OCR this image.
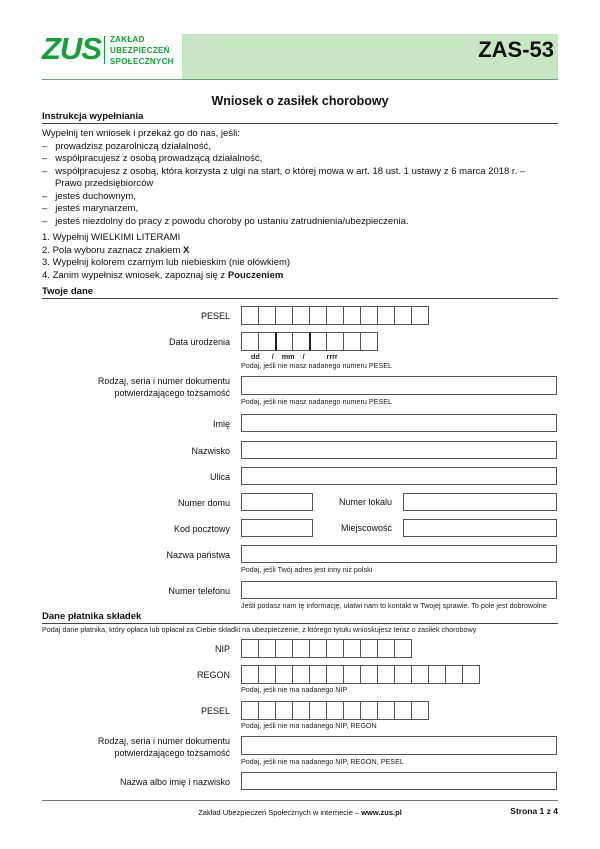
ZUS ZAKŁAD
UBEZPIECZEŃ
SPOŁECZNYCH	ZAS-53
Wniosek o zasiłek chorobowy
Instrukcja wypełniania
Wypełnij ten wniosek i przekaż go do nas, jeśli:
–   prowadzisz pozarolniczą działalność,
–   współpracujesz z osobą prowadzącą działalność,
–   współpracujesz z osobą, która korzysta z ulgi na start, o której mowa w art. 18 ust. 1 ustawy z 6 marca 2018 r. –
Prawo przedsiębiorców
–   jesteś duchownym,
–   jesteś marynarzem,
–   jesteś niezdolny do pracy z powodu choroby po ustaniu zatrudnienia/ubezpieczenia.
1. Wypełnij WIELKIMI LITERAMI
2. Pola wyboru zaznacz znakiem X
3. Wypełnij kolorem czarnym lub niebieskim (nie ołówkiem)
4. Zanim wypełnisz wniosek, zapoznaj się z Pouczeniem
Twoje dane
PESEL
Data urodzenia
dd / mm /	rrrr
Podaj, jeśli nie masz nadanego numeru PESEL
Rodzaj, seria i numer dokumentu
potwierdzającego tożsamość
Podaj, jeśli nie masz nadanego numeru PESEL
Imię
Nazwisko
Ulica
Numer domu	Numer lokalu
Kod pocztowy	Miejscowość
Nazwa państwa
Podaj, jeśli Twój adres jest inny niż polski
Numer telefonu
Jeśli podasz nam tę informację, ułatwi nam to kontakt w Twojej sprawie. To pole jest dobrowolne
Dane płatnika składek
Podaj dane płatnika, który opłaca lub opłacał za Ciebie składki na ubezpieczenie, z którego tytułu wnioskujesz teraz o zasiłek chorobowy
NIP
REGON
Podaj, jeśli nie ma nadanego NIP
PESEL
Podaj, jeśli nie ma nadanego NIP, REGON
Rodzaj, seria i numer dokumentu
potwierdzającego tożsamość
Podaj, jeśli nie ma nadanego NIP, REGON, PESEL
Nazwa albo imię i nazwisko
Zakład Ubezpieczeń Społecznych w internecie – www.zus.pl	Strona 1 z 4
